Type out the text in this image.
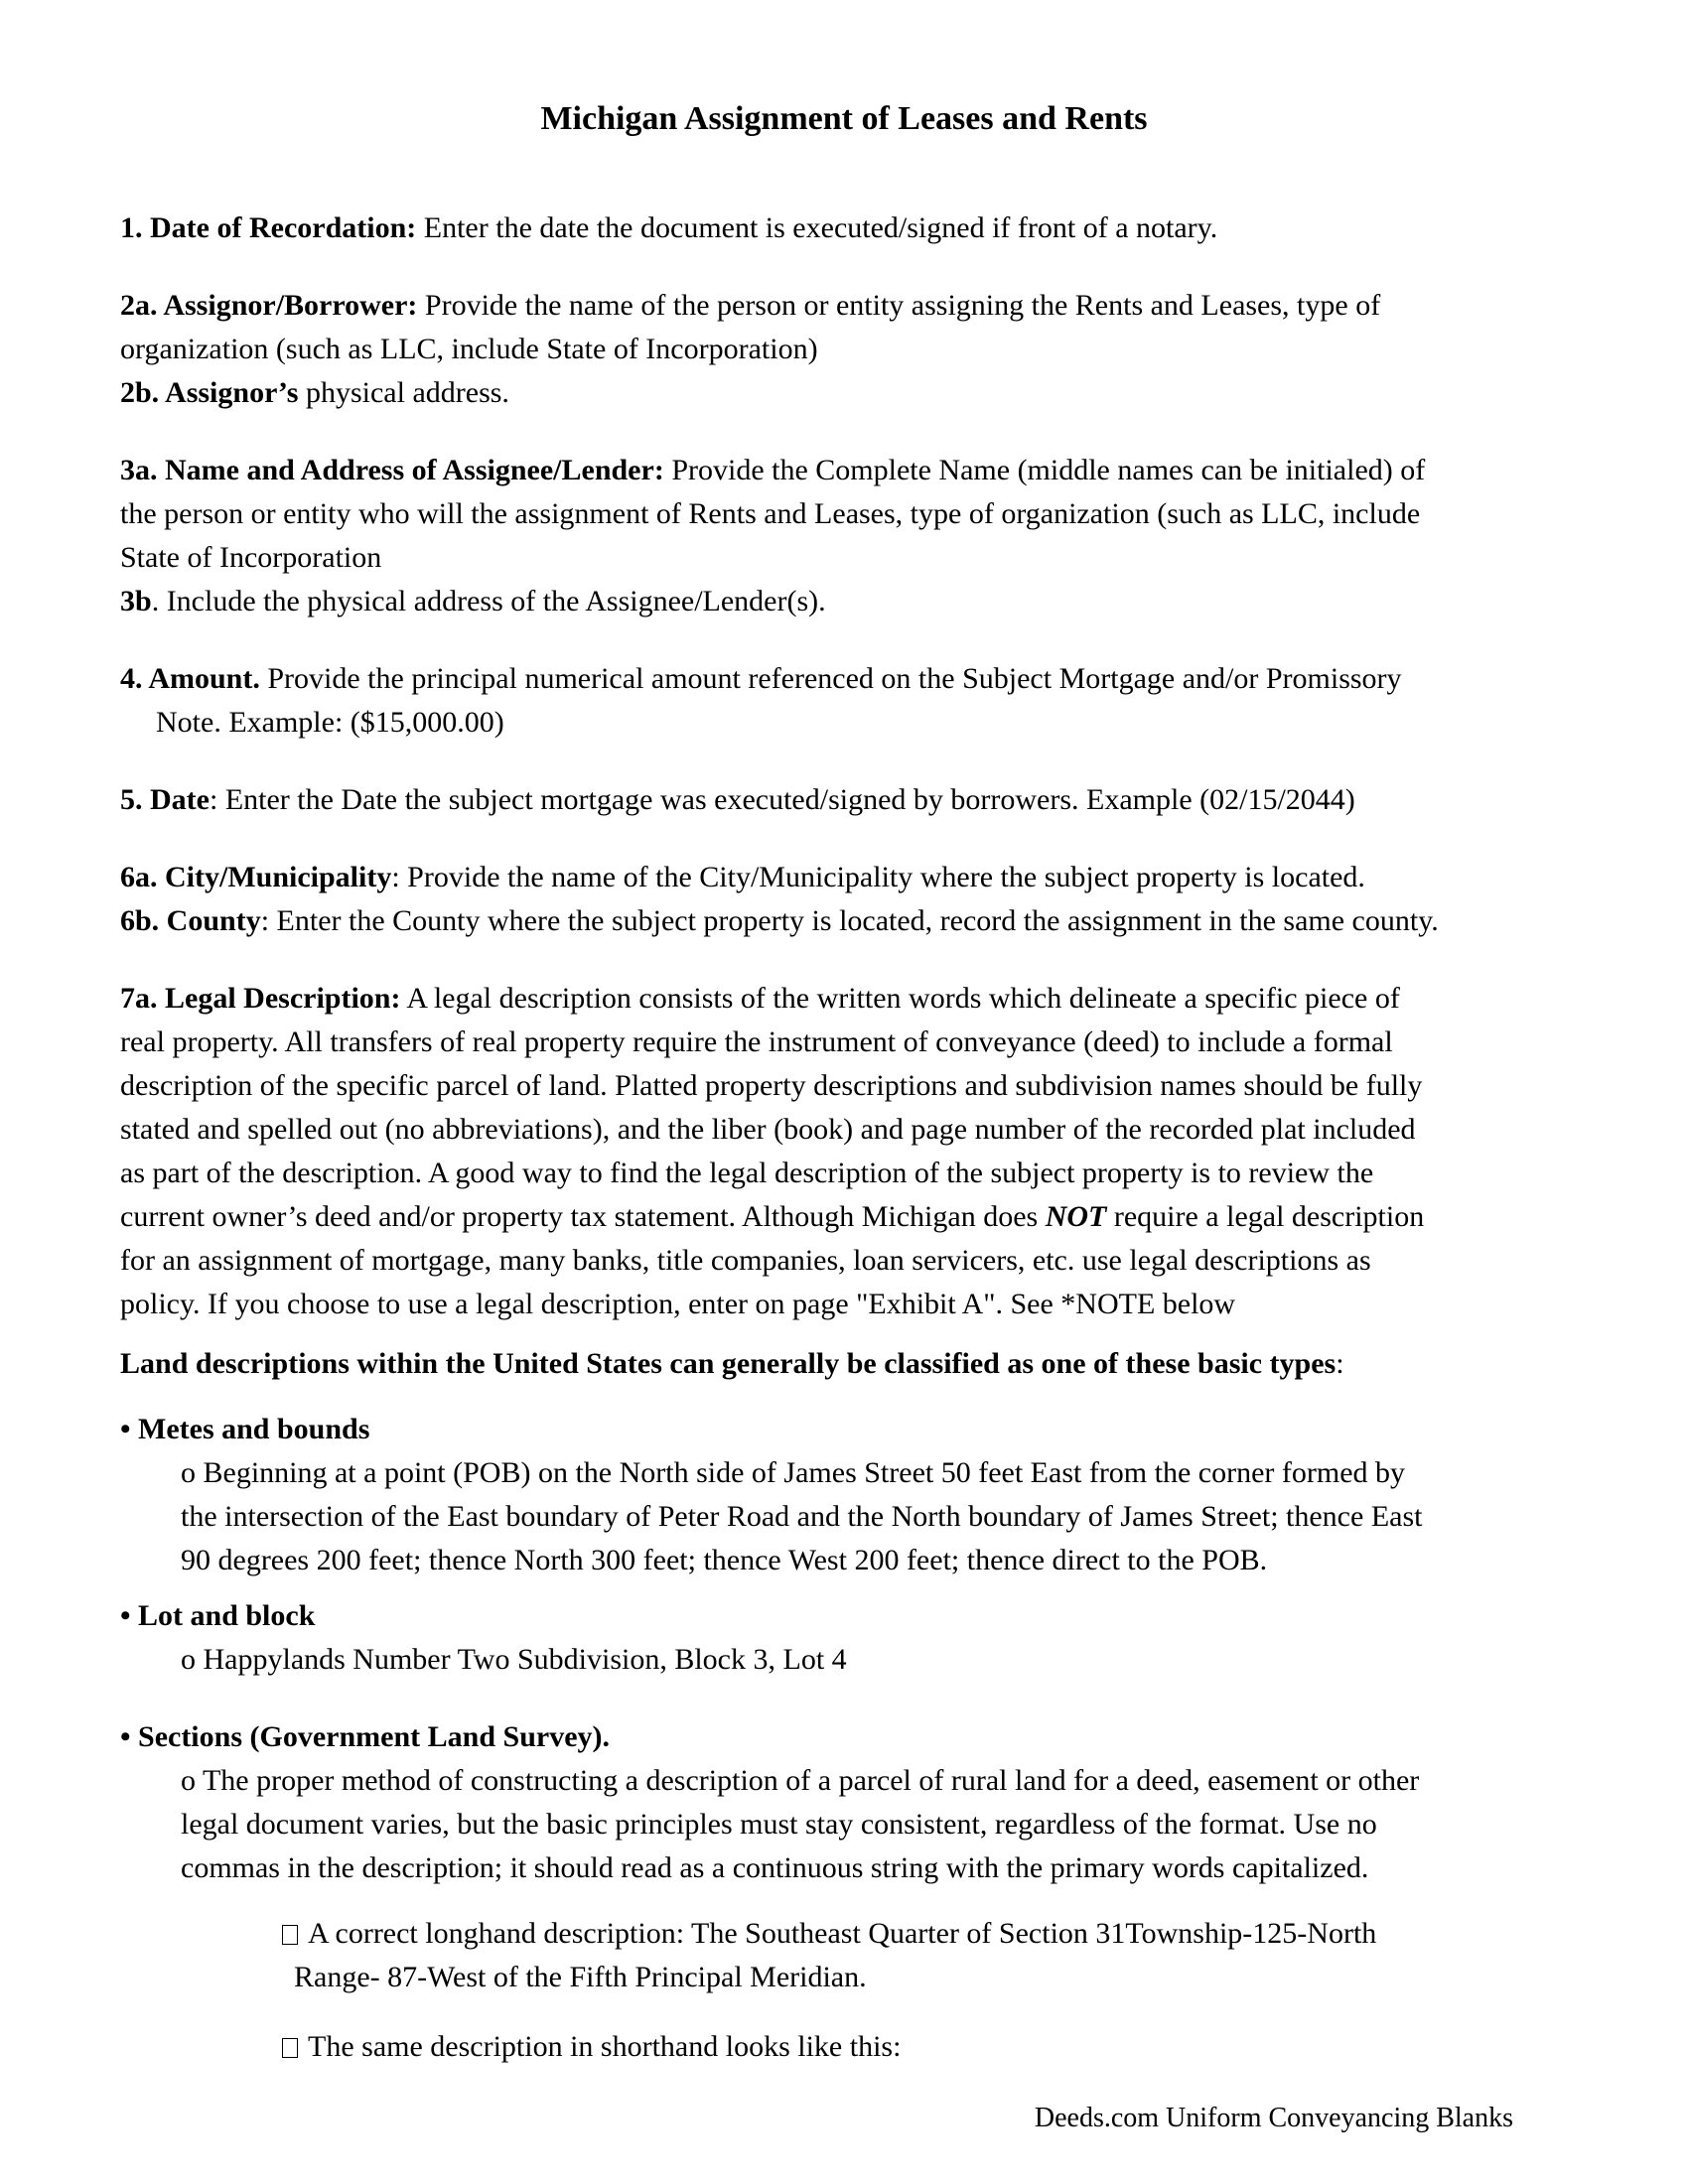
Michigan Assignment of Leases and Rents
1. Date of Recordation: Enter the date the document is executed/signed if front of a notary.
2a. Assignor/Borrower: Provide the name of the person or entity assigning the Rents and Leases, type of
organization (such as LLC, include State of Incorporation)
2b. Assignor’s physical address.
3a. Name and Address of Assignee/Lender: Provide the Complete Name (middle names can be initialed) of
the person or entity who will the assignment of Rents and Leases, type of organization (such as LLC, include
State of Incorporation
3b. Include the physical address of the Assignee/Lender(s).
4. Amount. Provide the principal numerical amount referenced on the Subject Mortgage and/or Promissory
Note. Example: ($15,000.00)
5. Date: Enter the Date the subject mortgage was executed/signed by borrowers. Example (02/15/2044)
6a. City/Municipality: Provide the name of the City/Municipality where the subject property is located.
6b. County: Enter the County where the subject property is located, record the assignment in the same county.
7a. Legal Description: A legal description consists of the written words which delineate a specific piece of
real property. All transfers of real property require the instrument of conveyance (deed) to include a formal
description of the specific parcel of land. Platted property descriptions and subdivision names should be fully
stated and spelled out (no abbreviations), and the liber (book) and page number of the recorded plat included
as part of the description. A good way to find the legal description of the subject property is to review the
current owner’s deed and/or property tax statement. Although Michigan does NOT require a legal description
for an assignment of mortgage, many banks, title companies, loan servicers, etc. use legal descriptions as
policy. If you choose to use a legal description, enter on page "Exhibit A". See *NOTE below
Land descriptions within the United States can generally be classified as one of these basic types:
• Metes and bounds
o Beginning at a point (POB) on the North side of James Street 50 feet East from the corner formed by
the intersection of the East boundary of Peter Road and the North boundary of James Street; thence East
90 degrees 200 feet; thence North 300 feet; thence West 200 feet; thence direct to the POB.
• Lot and block
o Happylands Number Two Subdivision, Block 3, Lot 4
• Sections (Government Land Survey).
o The proper method of constructing a description of a parcel of rural land for a deed, easement or other
legal document varies, but the basic principles must stay consistent, regardless of the format. Use no
commas in the description; it should read as a continuous string with the primary words capitalized.
A correct longhand description: The Southeast Quarter of Section 31Township-125-North
Range- 87-West of the Fifth Principal Meridian.
The same description in shorthand looks like this:
Deeds.com Uniform Conveyancing Blanks
